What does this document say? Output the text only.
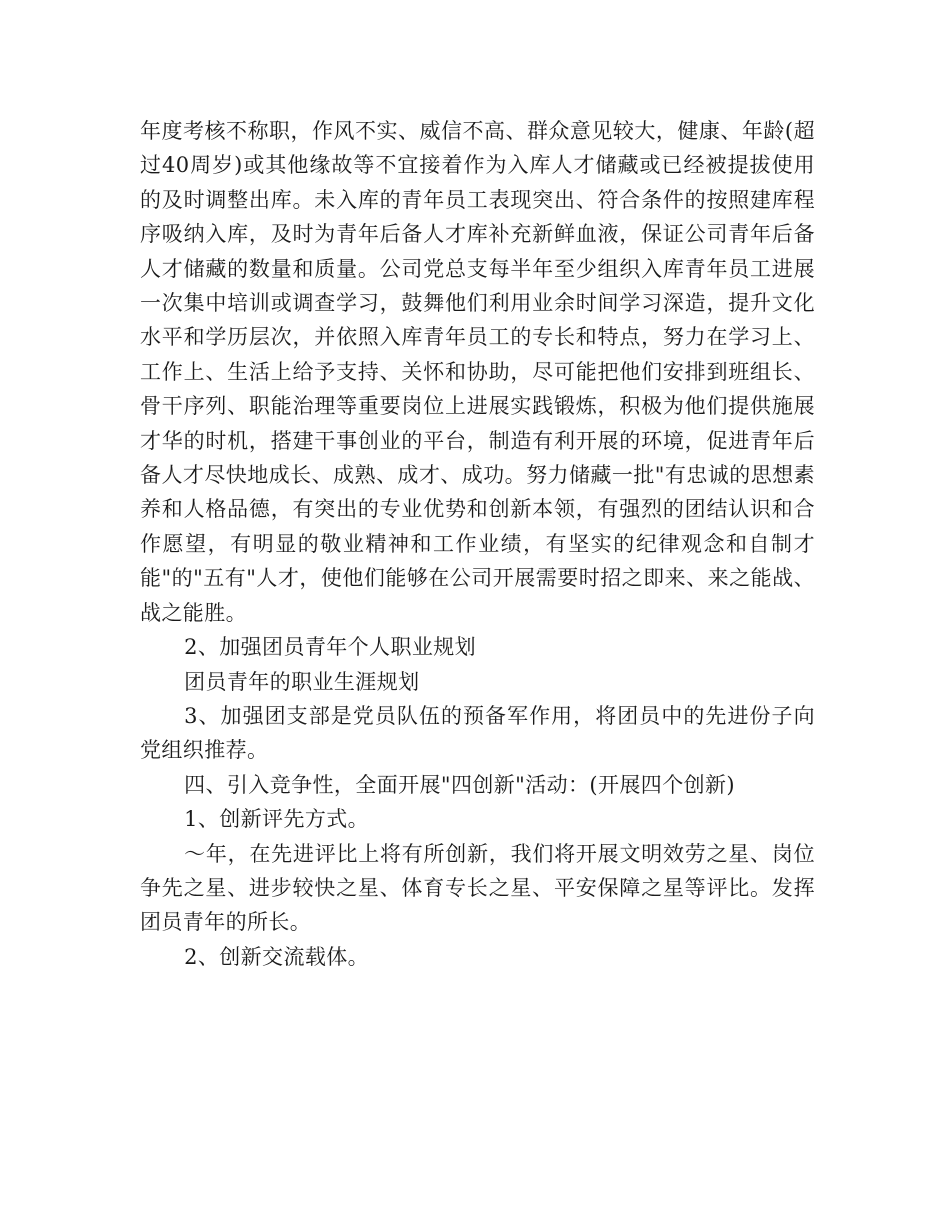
年度考核不称职，作风不实、威信不高、群众意见较大，健康、年龄(超过40周岁)或其他缘故等不宜接着作为入库人才储藏或已经被提拔使用的及时调整出库。未入库的青年员工表现突出、符合条件的按照建库程序吸纳入库，及时为青年后备人才库补充新鲜血液，保证公司青年后备人才储藏的数量和质量。公司党总支每半年至少组织入库青年员工进展一次集中培训或调查学习，鼓舞他们利用业余时间学习深造，提升文化水平和学历层次，并依照入库青年员工的专长和特点，努力在学习上、工作上、生活上给予支持、关怀和协助，尽可能把他们安排到班组长、骨干序列、职能治理等重要岗位上进展实践锻炼，积极为他们提供施展才华的时机，搭建干事创业的平台，制造有利开展的环境，促进青年后备人才尽快地成长、成熟、成才、成功。努力储藏一批"有忠诚的思想素养和人格品德，有突出的专业优势和创新本领，有强烈的团结认识和合作愿望，有明显的敬业精神和工作业绩，有坚实的纪律观念和自制才能"的"五有"人才，使他们能够在公司开展需要时招之即来、来之能战、战之能胜。

2、加强团员青年个人职业规划

团员青年的职业生涯规划

3、加强团支部是党员队伍的预备军作用，将团员中的先进份子向党组织推荐。

四、引入竞争性，全面开展"四创新"活动：(开展四个创新)

1、创新评先方式。

～年，在先进评比上将有所创新，我们将开展文明效劳之星、岗位争先之星、进步较快之星、体育专长之星、平安保障之星等评比。发挥团员青年的所长。

2、创新交流载体。
